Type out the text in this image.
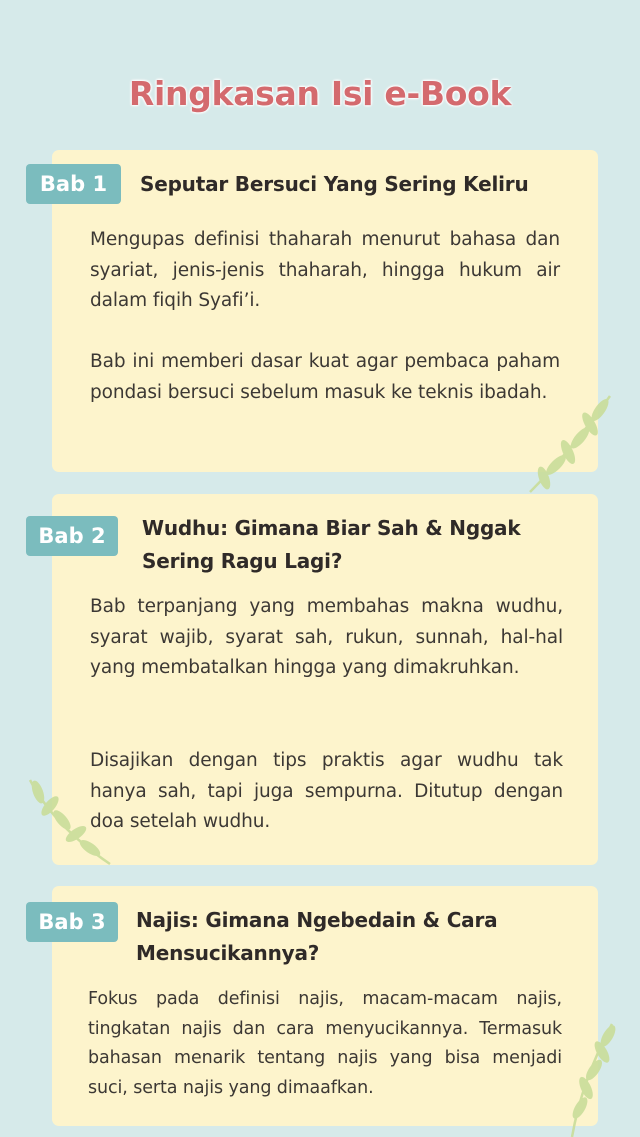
Ringkasan Isi e-Book
Bab 1	Seputar Bersuci Yang Sering Keliru

Mengupas definisi thaharah menurut bahasa dan syariat, jenis-jenis thaharah, hingga hukum air dalam fiqih Syafi’i.

Bab ini memberi dasar kuat agar pembaca paham pondasi bersuci sebelum masuk ke teknis ibadah.

Bab 2	Wudhu: Gimana Biar Sah & Nggak Sering Ragu Lagi?

Bab terpanjang yang membahas makna wudhu, syarat wajib, syarat sah, rukun, sunnah, hal-hal yang membatalkan hingga yang dimakruhkan.

Disajikan dengan tips praktis agar wudhu tak hanya sah, tapi juga sempurna. Ditutup dengan doa setelah wudhu.

Bab 3	Najis: Gimana Ngebedain & Cara Mensucikannya?

Fokus pada definisi najis, macam-macam najis, tingkatan najis dan cara menyucikannya. Termasuk bahasan menarik tentang najis yang bisa menjadi suci, serta najis yang dimaafkan.
